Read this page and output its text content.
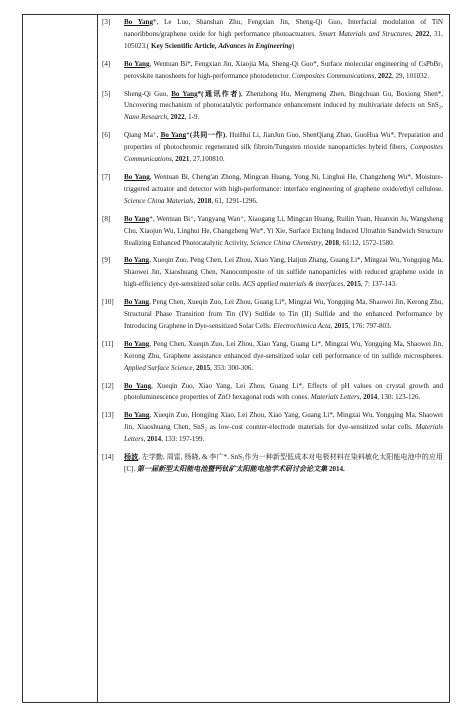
[3]	Bo Yang*, Le Luo, Shanshan Zhu, Fengxian Jin, Sheng-Qi Guo, Interfacial modulation of TiN nanoribbons/graphene oxide for high performance photoactuators. Smart Materials and Structures, 2022, 31, 105023.( Key Scientific Article, Advances in Engineering)
[4]	Bo Yang, Wentuan Bi*, Fengxian Jin, Xiaojia Ma, Sheng-Qi Guo*, Surface molecular engineering of CsPbBr₃ perovskite nanosheets for high-performance photodetector. Composites Communications, 2022, 29, 101032.
[5]	Sheng-Qi Guo, Bo Yang*(通讯作者), Zhenzhong Hu, Mengmeng Zhen, Bingchuan Gu, Boxiong Shen*, Uncovering mechanism of photocatalytic performance enhancement induced by multivariate defects on SnS₂, Nano Research, 2022, 1-9.
[6]	Qiang Ma⁺, Bo Yang⁺(共同一作), HuiHui Li, JianJun Guo, ShenQiang Zhao, GuoHua Wu*, Preparation and properties of photochromic regenerated silk fibroin/Tungsten trioxide nanoparticles hybrid fibers, Composites Communications, 2021, 27,100810.
[7]	Bo Yang, Wentuan Bi, Cheng'an Zhong, Mingcan Huang, Yong Ni, Linghui He, Changzheng Wu*, Moisture-triggered actuator and detector with high-performance: interface engineering of graphene oxide/ethyl cellulose. Science China Materials, 2018, 61, 1291-1296.
[8]	Bo Yang⁺, Wentuan Bi⁺, Yangyang Wan⁺, Xiaogang Li, Mingcan Huang, Ruilin Yuan, Huanxin Ju, Wangsheng Chu, Xiaojun Wu, Linghui He, Changzheng Wu*, Yi Xie, Surface Etching Induced Ultrathin Sandwich Structure Realizing Enhanced Photocatalytic Activity, Science China Chemistry, 2018, 61:12, 1572-1580.
[9]	Bo Yang, Xueqin Zuo, Peng Chen, Lei Zhou, Xiao Yang, Haijun Zhang, Guang Li*, Mingzai Wu, Yongqing Ma, Shaowei Jin, Xiaoshuang Chen, Nanocomposite of tin sulfide nanoparticles with reduced graphene oxide in high-efficiency dye-sensitized solar cells. ACS applied materials & interfaces, 2015, 7: 137-143.
[10]	Bo Yang, Peng Chen, Xueqin Zuo, Lei Zhou, Guang Li*, Mingzai Wu, Yongqing Ma, Shaowei Jin, Kerong Zhu, Structural Phase Transition from Tin (IV) Sulfide to Tin (II) Sulfide and the enhanced Performance by Introducing Graphene in Dye-sensitized Solar Cells. Electrochimica Acta, 2015, 176: 797-803.
[11]	Bo Yang, Peng Chen, Xueqin Zuo, Lei Zhou, Xiao Yang, Guang Li*, Mingzai Wu, Yongqing Ma, Shaowei Jin, Kerong Zhu, Graphene assistance enhanced dye-sensitized solar cell performance of tin sulfide microspheres. Applied Surface Science, 2015, 353: 300-306.
[12]	Bo Yang, Xueqin Zuo, Xiao Yang, Lei Zhou, Guang Li*, Effects of pH values on crystal growth and photoluminescence properties of ZnO hexagonal rods with cones. Materials Letters, 2014, 130: 123-126.
[13]	Bo Yang, Xueqin Zuo, Hongjing Xiao, Lei Zhou, Xiao Yang, Guang Li*, Mingzai Wu, Yongqing Ma, Shaowei Jin, Xiaoshuang Chen, SnS₂ as low-cost counter-electrode materials for dye-sensitized solar cells. Materials Letters, 2014, 133: 197-199.
[14]	杨波, 左学勤, 周雷, 杨晓, & 李广*. SnS₂作为一种新型低成本对电极材料在染料敏化太阳能电池中的应用[C]. 第一届新型太阳能电池暨钙钛矿太阳能电池学术研讨会论文集 2014.
